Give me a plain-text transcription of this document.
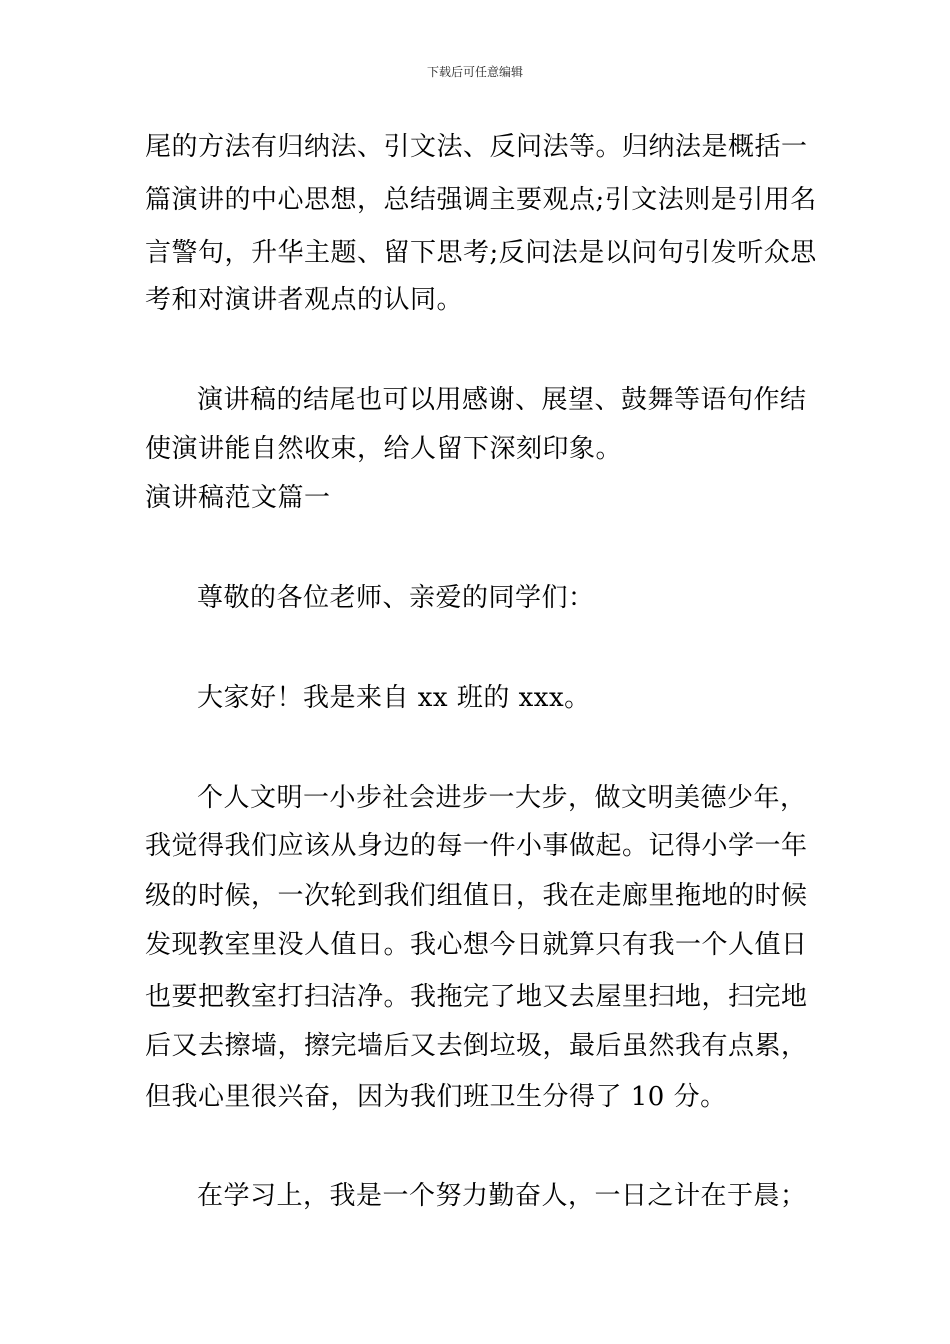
下载后可任意编辑
尾的方法有归纳法、引文法、反问法等。归纳法是概括一
篇演讲的中心思想，总结强调主要观点;引文法则是引用名
言警句，升华主题、留下思考;反问法是以问句引发听众思
考和对演讲者观点的认同。
演讲稿的结尾也可以用感谢、展望、鼓舞等语句作结
使演讲能自然收束，给人留下深刻印象。
演讲稿范文篇一
尊敬的各位老师、亲爱的同学们：
大家好！我是来自 xx 班的 xxx。
个人文明一小步社会进步一大步，做文明美德少年，
我觉得我们应该从身边的每一件小事做起。记得小学一年
级的时候，一次轮到我们组值日，我在走廊里拖地的时候
发现教室里没人值日。我心想今日就算只有我一个人值日
也要把教室打扫洁净。我拖完了地又去屋里扫地，扫完地
后又去擦墙，擦完墙后又去倒垃圾，最后虽然我有点累，
但我心里很兴奋，因为我们班卫生分得了 10 分。
在学习上，我是一个努力勤奋人，一日之计在于晨；
